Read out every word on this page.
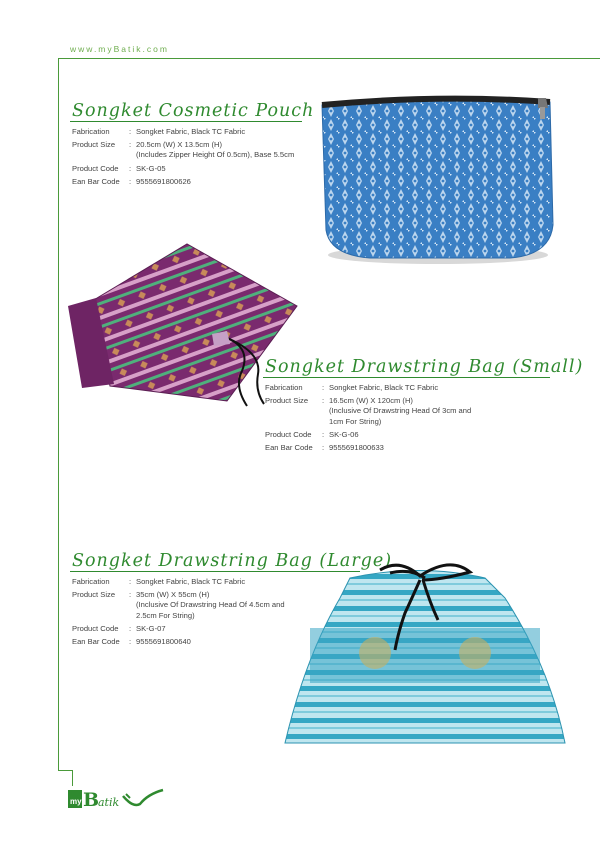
www.myBatik.com
Songket Cosmetic Pouch
Fabrication	: Songket Fabric, Black TC Fabric
Product Size	: 20.5cm (W) X 13.5cm (H)
(Includes Zipper Height Of 0.5cm), Base 5.5cm
Product Code	: SK-G-05
Ean Bar Code	: 9555691800626
Songket Drawstring Bag (Small)
Fabrication	: Songket Fabric, Black TC Fabric
Product Size	: 16.5cm (W) X 120cm (H)
(Inclusive Of Drawstring Head Of 3cm and
1cm For String)
Product Code	: SK-G-06
Ean Bar Code	: 9555691800633
Songket Drawstring Bag (Large)
Fabrication	: Songket Fabric, Black TC Fabric
Product Size	: 35cm (W) X 55cm (H)
(Inclusive Of Drawstring Head Of 4.5cm and
2.5cm For String)
Product Code	: SK-G-07
Ean Bar Code	: 9555691800640
my B
atik
